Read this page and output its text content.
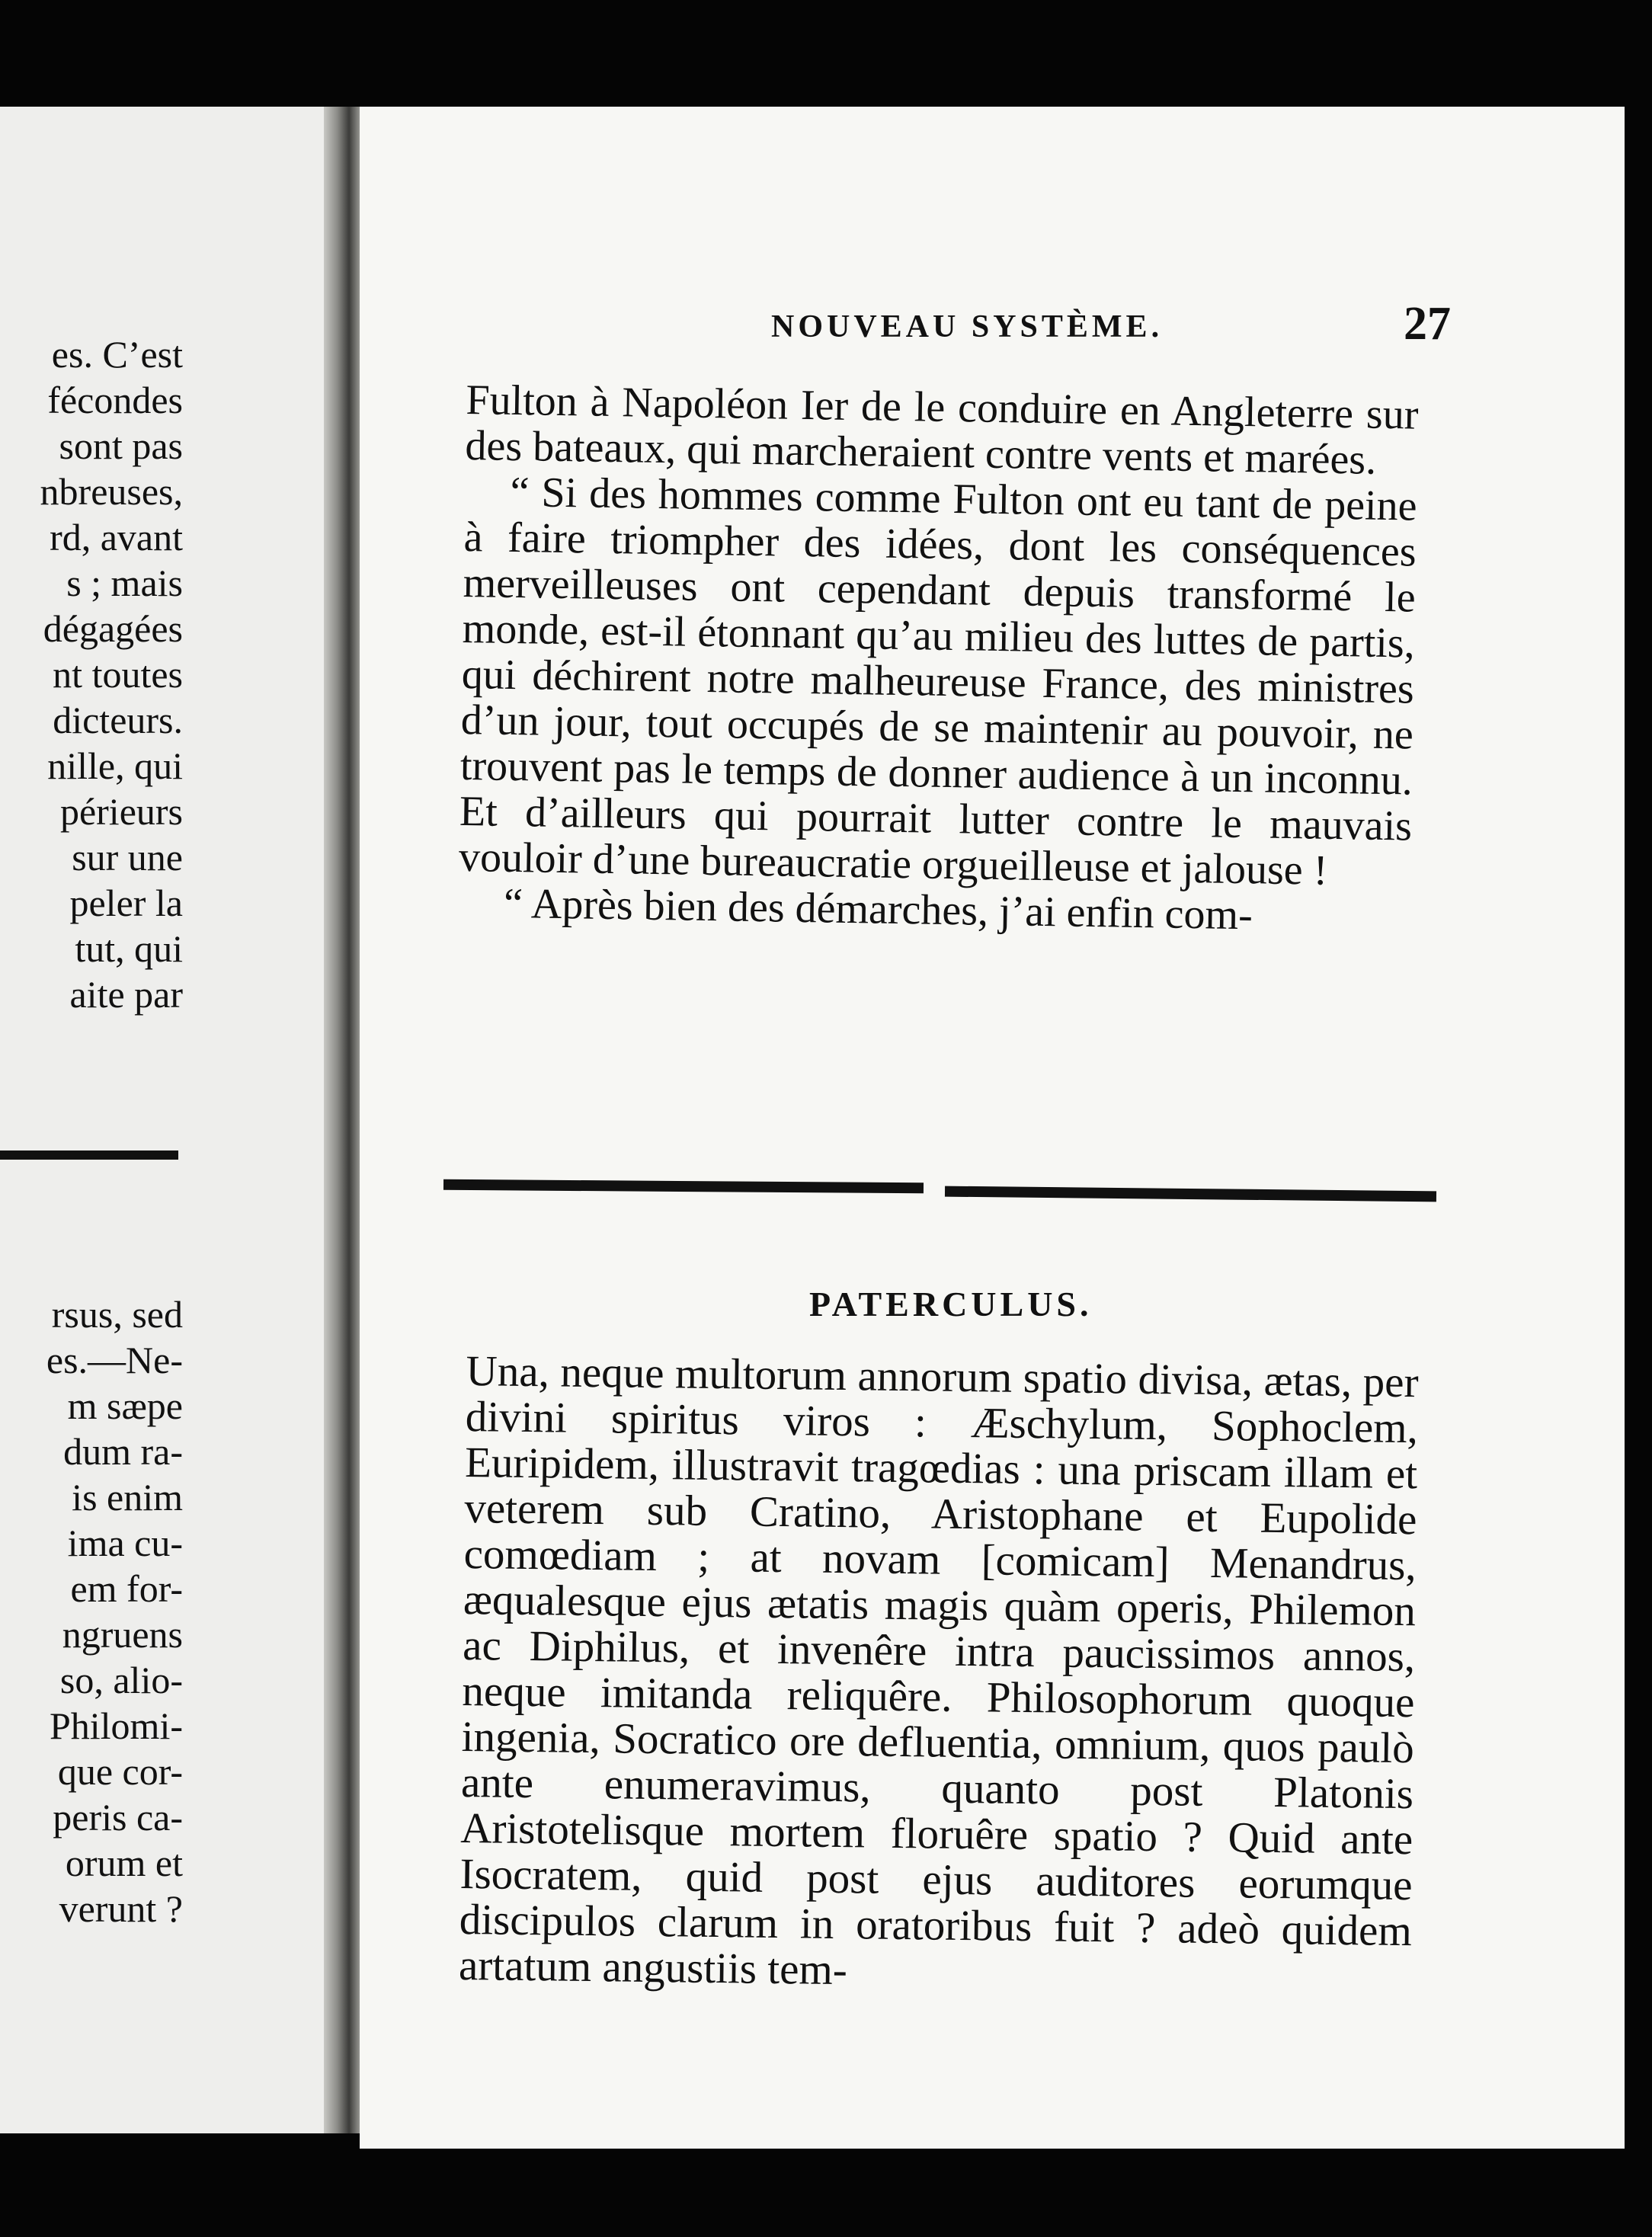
es. C’est
fécondes
sont pas
nbreuses,
rd, avant
s ; mais
dégagées
nt toutes
dicteurs.
nille, qui
périeurs
sur une
peler la
tut, qui
aite par
rsus, sed
es.—Ne-
m sæpe
dum ra-
is enim
ima cu-
em for-
ngruens
so, alio-
Philomi-
que cor-
peris ca-
orum et
verunt ?
NOUVEAU SYSTÈME.	27

Fulton à Napoléon Ier de le conduire en Angleterre sur des bateaux, qui marcheraient contre vents et marées.

“ Si des hommes comme Fulton ont eu tant de peine à faire triompher des idées, dont les conséquences merveilleuses ont cependant depuis transformé le monde, est-il étonnant qu’au milieu des luttes de partis, qui déchirent notre malheureuse France, des ministres d’un jour, tout occupés de se maintenir au pouvoir, ne trouvent pas le temps de donner audience à un inconnu. Et d’ailleurs qui pourrait lutter contre le mauvais vouloir d’une bureaucratie orgueilleuse et jalouse !

“ Après bien des démarches, j’ai enfin com-

PATERCULUS.

Una, neque multorum annorum spatio divisa, ætas, per divini spiritus viros : Æschylum, Sophoclem, Euripidem, illustravit tragœdias : una priscam illam et veterem sub Cratino, Aristophane et Eupolide comœdiam ; at novam [comicam] Menandrus, æqualesque ejus ætatis magis quàm operis, Philemon ac Diphilus, et invenêre intra paucissimos annos, neque imitanda reliquêre. Philosophorum quoque ingenia, Socratico ore defluentia, omnium, quos paulò ante enumeravimus, quanto post Platonis Aristotelisque mortem floruêre spatio ? Quid ante Isocratem, quid post ejus auditores eorumque discipulos clarum in oratoribus fuit ? adeò quidem artatum angustiis tem-
